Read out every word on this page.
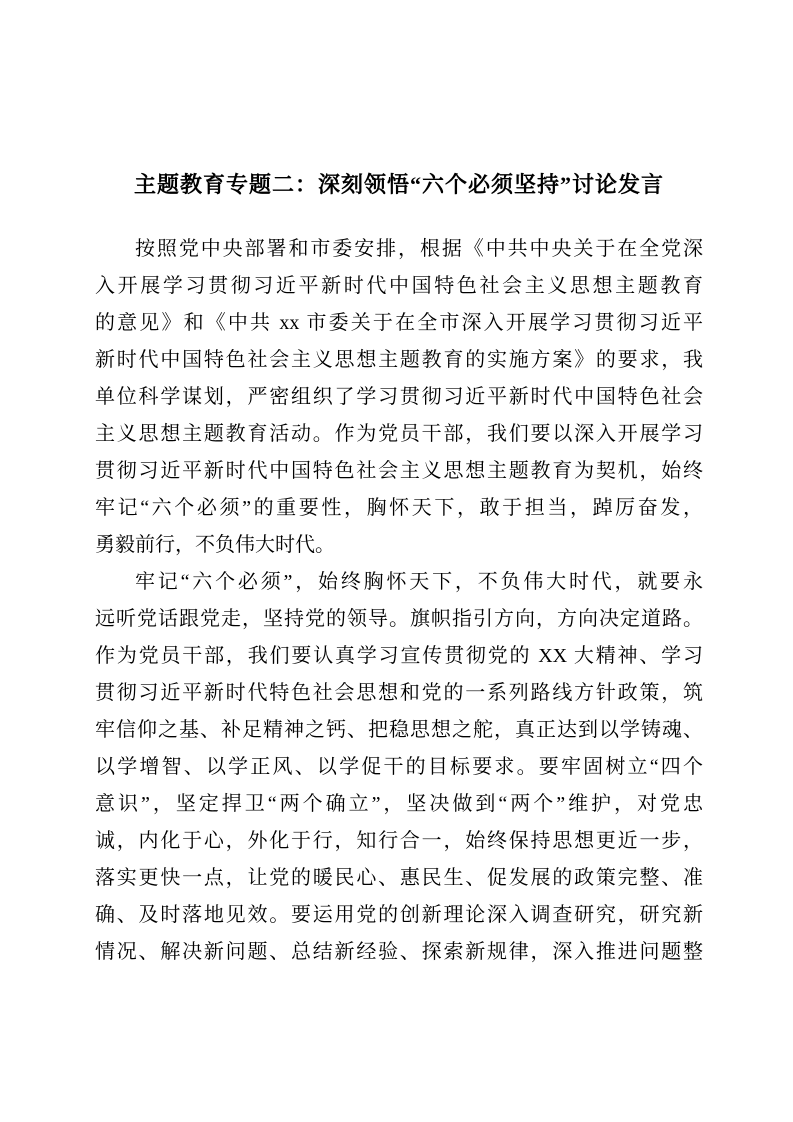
主题教育专题二：深刻领悟“六个必须坚持”讨论发言
按照党中央部署和市委安排，根据《中共中央关于在全党深
入开展学习贯彻习近平新时代中国特色社会主义思想主题教育
的意见》和《中共 xx 市委关于在全市深入开展学习贯彻习近平
新时代中国特色社会主义思想主题教育的实施方案》的要求，我
单位科学谋划，严密组织了学习贯彻习近平新时代中国特色社会
主义思想主题教育活动。作为党员干部，我们要以深入开展学习
贯彻习近平新时代中国特色社会主义思想主题教育为契机，始终
牢记“六个必须”的重要性，胸怀天下，敢于担当，踔厉奋发，
勇毅前行，不负伟大时代。
牢记“六个必须”，始终胸怀天下，不负伟大时代，就要永
远听党话跟党走，坚持党的领导。旗帜指引方向，方向决定道路。
作为党员干部，我们要认真学习宣传贯彻党的 XX 大精神、学习
贯彻习近平新时代特色社会思想和党的一系列路线方针政策，筑
牢信仰之基、补足精神之钙、把稳思想之舵，真正达到以学铸魂、
以学增智、以学正风、以学促干的目标要求。要牢固树立“四个
意识”，坚定捍卫“两个确立”，坚决做到“两个”维护，对党忠
诚，内化于心，外化于行，知行合一，始终保持思想更近一步，
落实更快一点，让党的暖民心、惠民生、促发展的政策完整、准
确、及时落地见效。要运用党的创新理论深入调查研究，研究新
情况、解决新问题、总结新经验、探索新规律，深入推进问题整
